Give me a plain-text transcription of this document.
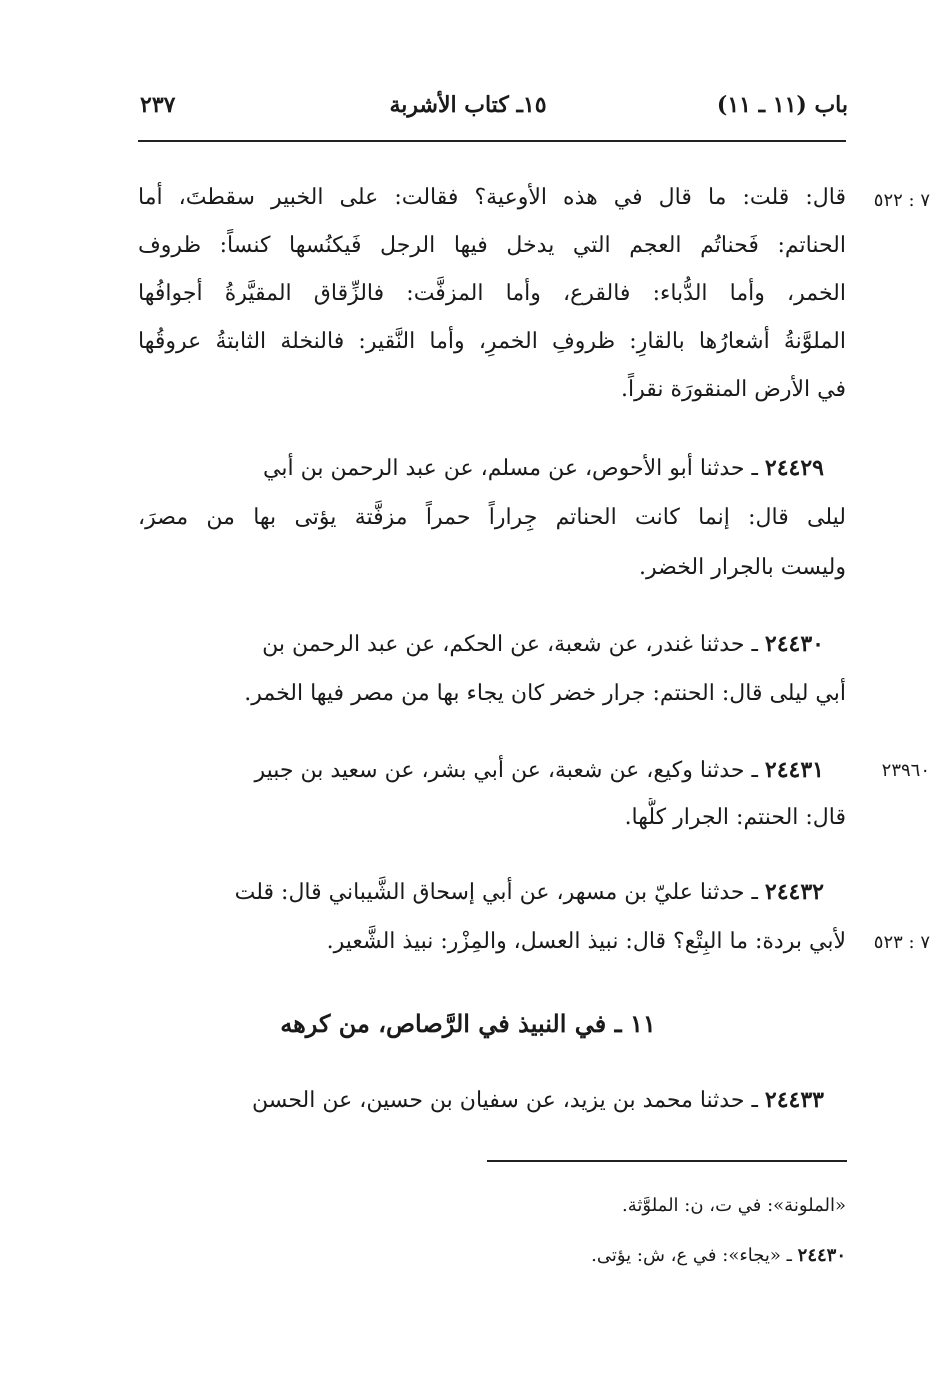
باب (١١ ـ ١١)
١٥ـ كتاب الأشربة
٢٣٧
٧ : ٥٢٢
قال: قلت: ما قال في هذه الأوعية؟ فقالت: على الخبير سقطتَ، أما
الحناتم: فَحناتُم العجم التي يدخل فيها الرجل فَيكنُسها كنساً: ظروف
الخمر، وأما الدُّباء: فالقرع، وأما المزفَّت: فالزِّقاق المقيَّرةُ أجوافُها
الملوَّنةُ أشعارُها بالقارِ: ظروفِ الخمرِ، وأما النَّقير: فالنخلة الثابتةُ عروقُها
في الأرض المنقورَة نقراً.
٢٤٤٢٩ ـ حدثنا أبو الأحوص، عن مسلم، عن عبد الرحمن بن أبي
ليلى قال: إنما كانت الحناتم جِراراً حمراً مزفَّتة يؤتى بها من مصرَ،
وليست بالجرار الخضر.
٢٤٤٣٠ ـ حدثنا غندر، عن شعبة، عن الحكم، عن عبد الرحمن بن
أبي ليلى قال: الحنتم: جرار خضر كان يجاء بها من مصر فيها الخمر.
٢٣٩٦٠
٢٤٤٣١ ـ حدثنا وكيع، عن شعبة، عن أبي بشر، عن سعيد بن جبير
قال: الحنتم: الجرار كلُّها.
٢٤٤٣٢ ـ حدثنا عليّ بن مسهر، عن أبي إسحاق الشَّيباني قال: قلت
٧ : ٥٢٣
لأبي بردة: ما البِتْع؟ قال: نبيذ العسل، والمِزْر: نبيذ الشَّعير.
١١ ـ في النبيذ في الرَّصاص، من كرهه
٢٤٤٣٣ ـ حدثنا محمد بن يزيد، عن سفيان بن حسين، عن الحسن
«الملونة»: في ت، ن: الملوَّثة.
٢٤٤٣٠ ـ «يجاء»: في ع، ش: يؤتى.
